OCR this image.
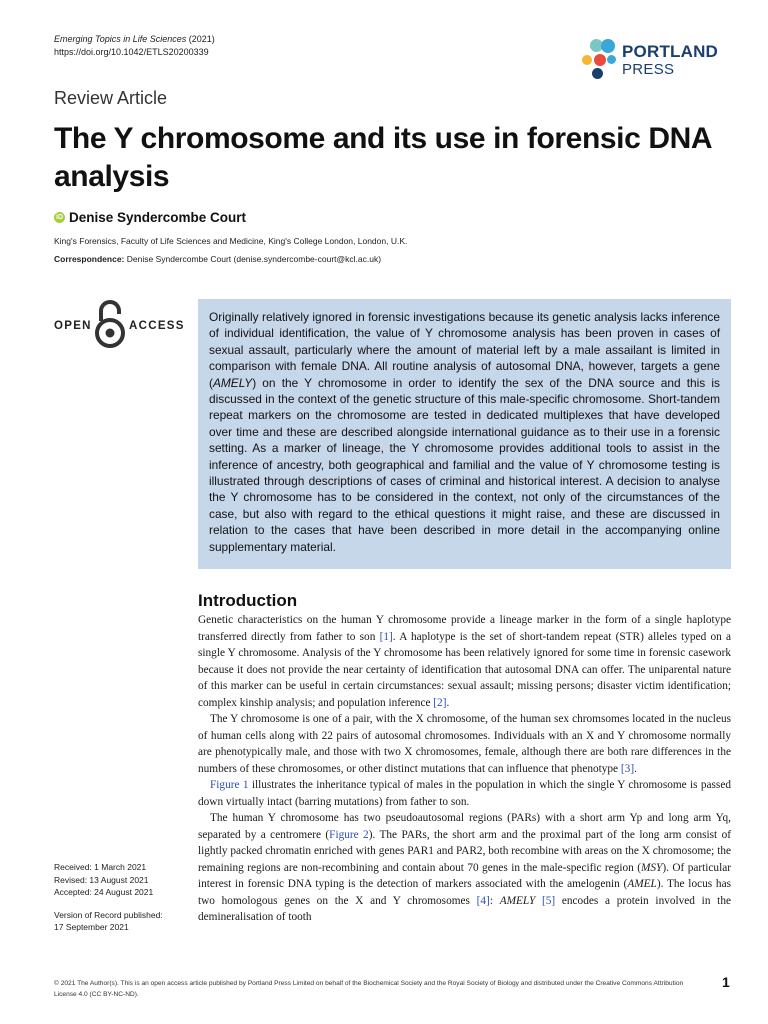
Emerging Topics in Life Sciences (2021)
https://doi.org/10.1042/ETLS20200339	PORTLAND
PRESS
Review Article
The Y chromosome and its use in forensic DNA analysis
iD Denise Syndercombe Court
King's Forensics, Faculty of Life Sciences and Medicine, King's College London, London, U.K.
Correspondence: Denise Syndercombe Court (denise.syndercombe-court@kcl.ac.uk)
OPEN	ACCESS
Originally relatively ignored in forensic investigations because its genetic analysis lacks inference of individual identification, the value of Y chromosome analysis has been proven in cases of sexual assault, particularly where the amount of material left by a male assailant is limited in comparison with female DNA. All routine analysis of autosomal DNA, however, targets a gene (AMELY) on the Y chromosome in order to identify the sex of the DNA source and this is discussed in the context of the genetic structure of this male-specific chromosome. Short-tandem repeat markers on the chromosome are tested in dedicated multiplexes that have developed over time and these are described alongside international guidance as to their use in a forensic setting. As a marker of lineage, the Y chromosome provides additional tools to assist in the inference of ancestry, both geographical and familial and the value of Y chromosome testing is illustrated through descriptions of cases of criminal and historical interest. A decision to analyse the Y chromosome has to be considered in the context, not only of the circumstances of the case, but also with regard to the ethical questions it might raise, and these are discussed in relation to the cases that have been described in more detail in the accompanying online supplementary material.
Introduction

Genetic characteristics on the human Y chromosome provide a lineage marker in the form of a single haplotype transferred directly from father to son [1]. A haplotype is the set of short-tandem repeat (STR) alleles typed on a single Y chromosome. Analysis of the Y chromosome has been relatively ignored for some time in forensic casework because it does not provide the near certainty of identification that autosomal DNA can offer. The uniparental nature of this marker can be useful in certain circumstances: sexual assault; missing persons; disaster victim identification; complex kinship analysis; and population inference [2].

The Y chromosome is one of a pair, with the X chromosome, of the human sex chromsomes located in the nucleus of human cells along with 22 pairs of autosomal chromosomes. Individuals with an X and Y chromosome normally are phenotypically male, and those with two X chromosomes, female, although there are both rare differences in the numbers of these chromosomes, or other distinct mutations that can influence that phenotype [3].

Figure 1 illustrates the inheritance typical of males in the population in which the single Y chromosome is passed down virtually intact (barring mutations) from father to son.

The human Y chromosome has two pseudoautosomal regions (PARs) with a short arm Yp and long arm Yq, separated by a centromere (Figure 2). The PARs, the short arm and the proximal part of the long arm consist of lightly packed chromatin enriched with genes PAR1 and PAR2, both recombine with areas on the X chromosome; the remaining regions are non-recombining and contain about 70 genes in the male-specific region (MSY). Of particular interest in forensic DNA typing is the detection of markers associated with the amelogenin (AMEL). The locus has two homologous genes on the X and Y chromosomes [4]: AMELY [5] encodes a protein involved in the demineralisation of tooth

Received: 1 March 2021
Revised: 13 August 2021
Accepted: 24 August 2021
Version of Record published:
17 September 2021
© 2021 The Author(s). This is an open access article published by Portland Press Limited on behalf of the Biochemical Society and the Royal Society of Biology and distributed under the Creative Commons Attribution License 4.0 (CC BY-NC-ND).
1
